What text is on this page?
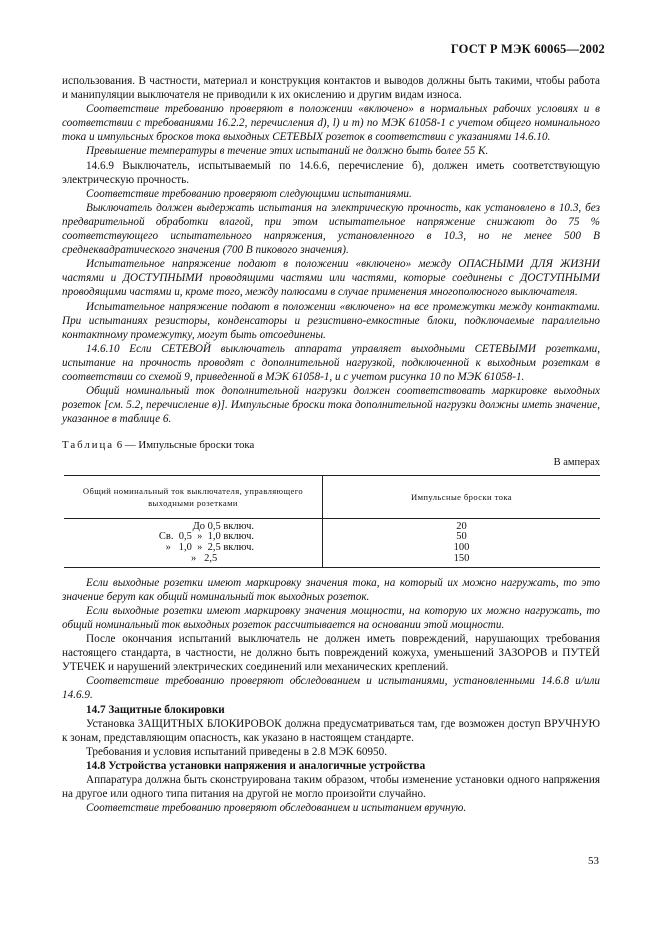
ГОСТ Р МЭК 60065—2002

использования. В частности, материал и конструкция контактов и выводов должны быть такими, чтобы работа и манипуляции выключателя не приводили к их окислению и другим видам износа.

Соответствие требованию проверяют в положении «включено» в нормальных рабочих условиях и в соответствии с требованиями 16.2.2, перечисления d), l) и m) по МЭК 61058-1 с учетом общего номинального тока и импульсных бросков тока выходных СЕТЕВЫХ розеток в соответствии с указаниями 14.6.10.

Превышение температуры в течение этих испытаний не должно быть более 55 К.

14.6.9 Выключатель, испытываемый по 14.6.6, перечисление б), должен иметь соответствующую электрическую прочность.

Соответствие требованию проверяют следующими испытаниями.

Выключатель должен выдержать испытания на электрическую прочность, как установлено в 10.3, без предварительной обработки влагой, при этом испытательное напряжение снижают до 75 % соответствующего испытательного напряжения, установленного в 10.3, но не менее 500 В среднеквадратического значения (700 В пикового значения).

Испытательное напряжение подают в положении «включено» между ОПАСНЫМИ ДЛЯ ЖИЗНИ частями и ДОСТУПНЫМИ проводящими частями или частями, которые соединены с ДОСТУПНЫМИ проводящими частями и, кроме того, между полюсами в случае применения многополюсного выключателя.

Испытательное напряжение подают в положении «включено» на все промежутки между контактами. При испытаниях резисторы, конденсаторы и резистивно-емкостные блоки, подключаемые параллельно контактному промежутку, могут быть отсоединены.

14.6.10 Если СЕТЕВОЙ выключатель аппарата управляет выходными СЕТЕВЫМИ розетками, испытание на прочность проводят с дополнительной нагрузкой, подключенной к выходным розеткам в соответствии со схемой 9, приведенной в МЭК 61058-1, и с учетом рисунка 10 по МЭК 61058-1.

Общий номинальный ток дополнительной нагрузки должен соответствовать маркировке выходных розеток [см. 5.2, перечисление в)]. Импульсные броски тока дополнительной нагрузки должны иметь значение, указанное в таблице 6.

Таблица 6 — Импульсные броски тока

В амперах

Общий номинальный ток выключателя, управляющего выходными розетками	Импульсные броски тока
До 0,5 включ.	20

Св.  0,5  »  1,0 включ.	50

»   1,0  »  2,5 включ.	100

»   2,5	150

Если выходные розетки имеют маркировку значения тока, на который их можно нагружать, то это значение берут как общий номинальный ток выходных розеток.

Если выходные розетки имеют маркировку значения мощности, на которую их можно нагружать, то общий номинальный ток выходных розеток рассчитывается на основании этой мощности.

После окончания испытаний выключатель не должен иметь повреждений, нарушающих требования настоящего стандарта, в частности, не должно быть повреждений кожуха, уменьшений ЗАЗОРОВ и ПУТЕЙ УТЕЧЕК и нарушений электрических соединений или механических креплений.

Соответствие требованию проверяют обследованием и испытаниями, установленными 14.6.8 и/или 14.6.9.

14.7 Защитные блокировки

Установка ЗАЩИТНЫХ БЛОКИРОВОК должна предусматриваться там, где возможен доступ ВРУЧНУЮ к зонам, представляющим опасность, как указано в настоящем стандарте.

Требования и условия испытаний приведены в 2.8 МЭК 60950.

14.8 Устройства установки напряжения и аналогичные устройства

Аппаратура должна быть сконструирована таким образом, чтобы изменение установки одного напряжения на другое или одного типа питания на другой не могло произойти случайно.

Соответствие требованию проверяют обследованием и испытанием вручную.

53
